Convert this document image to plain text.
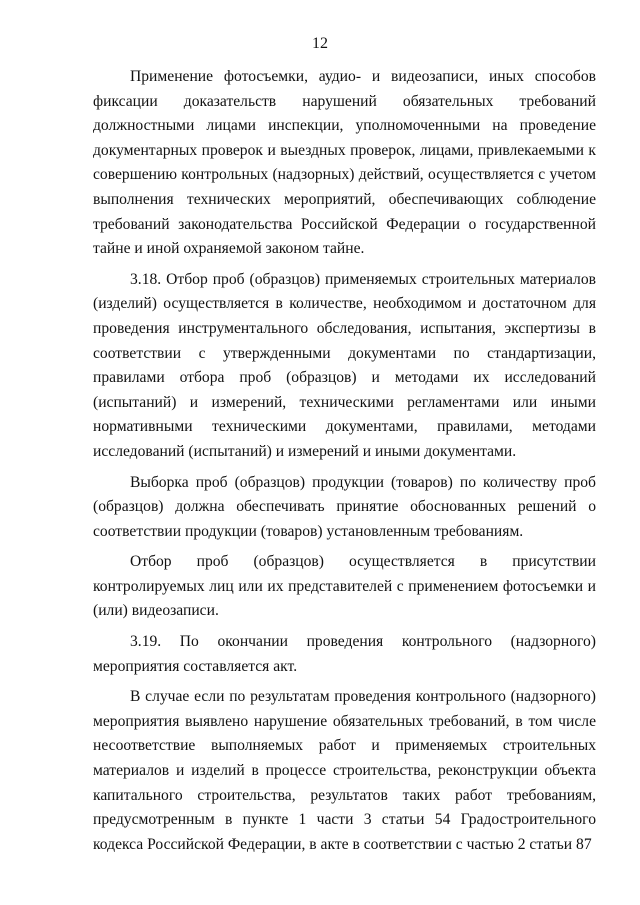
12

Применение фотосъемки, аудио- и видеозаписи, иных способов фиксации доказательств нарушений обязательных требований должностными лицами инспекции, уполномоченными на проведение документарных проверок и выездных проверок, лицами, привлекаемыми к совершению контрольных (надзорных) действий, осуществляется с учетом выполнения технических мероприятий, обеспечивающих соблюдение требований законодательства Российской Федерации о государственной тайне и иной охраняемой законом тайне.

3.18. Отбор проб (образцов) применяемых строительных материалов (изделий) осуществляется в количестве, необходимом и достаточном для проведения инструментального обследования, испытания, экспертизы в соответствии с утвержденными документами по стандартизации, правилами отбора проб (образцов) и методами их исследований (испытаний) и измерений, техническими регламентами или иными нормативными техническими документами, правилами, методами исследований (испытаний) и измерений и иными документами.

Выборка проб (образцов) продукции (товаров) по количеству проб (образцов) должна обеспечивать принятие обоснованных решений о соответствии продукции (товаров) установленным требованиям.

Отбор проб (образцов) осуществляется в присутствии контролируемых лиц или их представителей с применением фотосъемки и (или) видеозаписи.

3.19. По окончании проведения контрольного (надзорного) мероприятия составляется акт.

В случае если по результатам проведения контрольного (надзорного) мероприятия выявлено нарушение обязательных требований, в том числе несоответствие выполняемых работ и применяемых строительных материалов и изделий в процессе строительства, реконструкции объекта капитального строительства, результатов таких работ требованиям, предусмотренным в пункте 1 части 3 статьи 54 Градостроительного кодекса Российской Федерации, в акте в соответствии с частью 2 статьи 87
